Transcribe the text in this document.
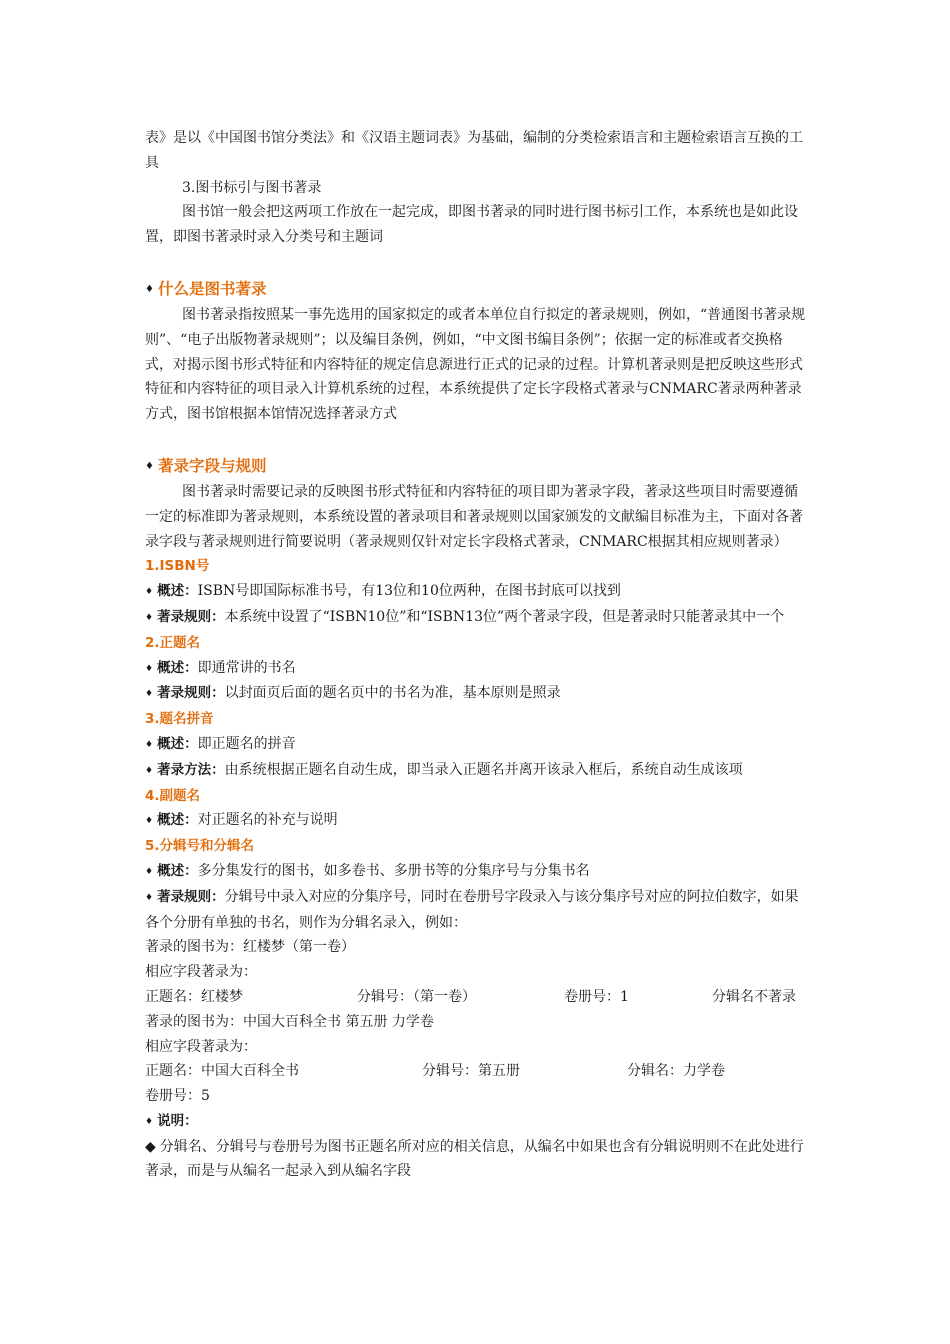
表》是以《中国图书馆分类法》和《汉语主题词表》为基础，编制的分类检索语言和主题检索语言互换的工具

3.图书标引与图书著录

图书馆一般会把这两项工作放在一起完成，即图书著录的同时进行图书标引工作，本系统也是如此设置，即图书著录时录入分类号和主题词

♦ 什么是图书著录

图书著录指按照某一事先选用的国家拟定的或者本单位自行拟定的著录规则，例如，“普通图书著录规则”、“电子出版物著录规则”；以及编目条例，例如，“中文图书编目条例”；依据一定的标准或者交换格式，对揭示图书形式特征和内容特征的规定信息源进行正式的记录的过程。计算机著录则是把反映这些形式特征和内容特征的项目录入计算机系统的过程，本系统提供了定长字段格式著录与CNMARC著录两种著录方式，图书馆根据本馆情况选择著录方式

♦ 著录字段与规则

图书著录时需要记录的反映图书形式特征和内容特征的项目即为著录字段，著录这些项目时需要遵循一定的标准即为著录规则，本系统设置的著录项目和著录规则以国家颁发的文献编目标准为主，下面对各著录字段与著录规则进行简要说明（著录规则仅针对定长字段格式著录，CNMARC根据其相应规则著录）

1.ISBN号

♦ 概述：ISBN号即国际标准书号，有13位和10位两种，在图书封底可以找到

♦ 著录规则：本系统中设置了“ISBN10位”和“ISBN13位”两个著录字段，但是著录时只能著录其中一个

2.正题名

♦ 概述：即通常讲的书名

♦ 著录规则：以封面页后面的题名页中的书名为准，基本原则是照录

3.题名拼音

♦ 概述：即正题名的拼音

♦ 著录方法：由系统根据正题名自动生成，即当录入正题名并离开该录入框后，系统自动生成该项

4.副题名

♦ 概述：对正题名的补充与说明

5.分辑号和分辑名

♦ 概述：多分集发行的图书，如多卷书、多册书等的分集序号与分集书名

♦ 著录规则：分辑号中录入对应的分集序号，同时在卷册号字段录入与该分集序号对应的阿拉伯数字，如果各个分册有单独的书名，则作为分辑名录入，例如：

著录的图书为：红楼梦（第一卷）

相应字段著录为：

正题名：红楼梦	分辑号：（第一卷）	卷册号：1	分辑名不著录

著录的图书为：中国大百科全书 第五册 力学卷

相应字段著录为：

正题名：中国大百科全书	分辑号：第五册	分辑名：力学卷

卷册号：5

♦ 说明：

◆ 分辑名、分辑号与卷册号为图书正题名所对应的相关信息，从编名中如果也含有分辑说明则不在此处进行著录，而是与从编名一起录入到从编名字段
